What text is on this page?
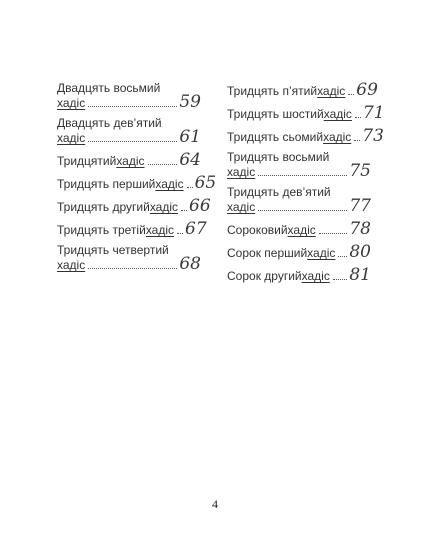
Двадцять восьмий
хадіс	59
Двадцять дев’ятий
хадіс	61
Тридцятий хадіс 64
Тридцять перший хадіс 65
Тридцять другий хадіс 66
Тридцять третій хадіс 67
Тридцять четвертий
хадіс	68
Тридцять п’ятий хадіс 69
Тридцять шостий хадіс 71
Тридцять сьомий хадіс 73
Тридцять восьмий
хадіс	75
Тридцять дев’ятий
хадіс	77
Сороковий хадіс 78
Сорок перший хадіс 80
Сорок другий хадіс 81
4
